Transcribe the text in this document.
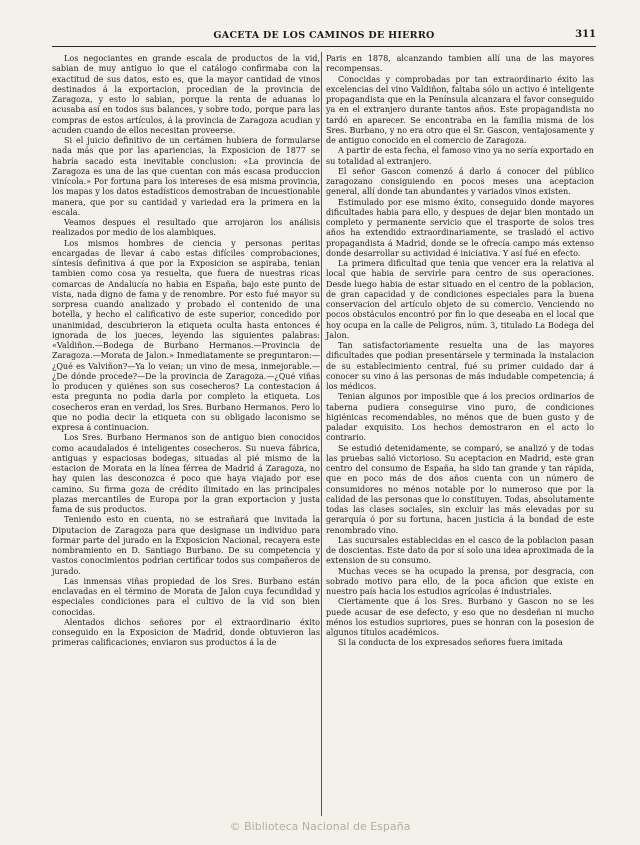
GACETA DE LOS CAMINOS DE HIERRO	311

Los negociantes en grande escala de productos de la vid, sabian de muy antiguo lo que el catálogo confirmaba con la exactitud de sus datos, esto es, que la mayor cantidad de vinos destinados á la exportacion, procedian de la provincia de Zaragoza, y esto lo sabian, porque la renta de aduanas lo acusaba así en todos sus balances, y sobre todo, porque para las compras de estos artículos, á la provincia de Zaragoza acudian y acuden cuando de ellos necesitan proveerse.

Si el juicio definitivo de un certámen hubiera de formularse nada más que por las apariencias, la Exposicion de 1877 se habría sacado esta inevitable conclusion: «La provincia de Zaragoza es una de las que cuentan con más escasa produccion vinícola.» Por fortuna para los intereses de esa misma provincia, los mapas y los datos estadísticos demostraban de incuestionable manera, que por su cantidad y variedad era la primera en la escala.

Veamos despues el resultado que arrojaron los análisis realizados por medio de los alambiques.

Los mismos hombres de ciencia y personas peritas encargadas de llevar á cabo estas difíciles comprobaciones, síntesis definitiva á que por la Exposicion se aspiraba, tenian tambien como cosa ya resuelta, que fuera de nuestras ricas comarcas de Andalucía no habia en España, bajo este punto de vista, nada digno de fama y de renombre. Por esto fué mayor su sorpresa cuando analizado y probado el contenido de una botella, y hecho el calificativo de este superior, concedido por unanimidad, descubrieron la etiqueta oculta hasta entonces é ignorada de los jueces, leyendo las siguientes palabras: «Valdiñon.—Bodega de Burbano Hermanos.—Provincia de Zaragoza.—Morata de Jalon.» Inmediatamente se preguntaron:—¿Qué es Valviñon?—Ya lo veian; un vino de mesa, inmejorable.—¿De dónde procede?—De la provincia de Zaragoza.—¿Qué viñas lo producen y quiénes son sus cosecheros? La contestacion á esta pregunta no podia darla por completo la etiqueta. Los cosecheros eran en verdad, los Sres. Burbano Hermanos. Pero lo que no podia decir la etiqueta con su obligado laconismo se expresa á continuacion.

Los Sres. Burbano Hermanos son de antiguo bien conocidos como acaudalados é inteligentes cosecheros. Su nueva fábrica, antiguas y espaciosas bodegas, situadas al pié mismo de la estacion de Morata en la línea férrea de Madrid á Zaragoza, no hay quien las desconozca é poco que haya viajado por ese camino. Su firma goza de crédito ilimitado en las principales plazas mercantiles de Europa por la gran exportacion y justa fama de sus productos.

Teniendo esto en cuenta, no se estrañará que invitada la Diputacion de Zaragoza para que designase un individuo para formar parte del jurado en la Exposicion Nacional, recayera este nombramiento en D. Santiago Burbano. De su competencia y vastos conocimientos podrian certificar todos sus compañeros de jurado.

Las inmensas viñas propiedad de los Sres. Burbano están enclavadas en el término de Morata de Jalon cuya fecundidad y especiales condiciones para el cultivo de la vid son bien conocidas.

Alentados dichos señores por el extraordinario éxito conseguido en la Exposicion de Madrid, donde obtuvieron las primeras calificaciones, enviaron sus productos á la de

Paris en 1878, alcanzando tambien allí una de las mayores recompensas.

Conocidas y comprobadas por tan extraordinario éxito las excelencias del vino Valdiñon, faltaba sólo un activo é inteligente propagandista que en la Península alcanzara el favor conseguido ya en el extranjero durante tantos años. Este propagandista no tardó en aparecer. Se encontraba en la familia misma de los Sres. Burbano, y no era otro que el Sr. Gascon, ventajosamente y de antiguo conocido en el comercio de Zaragoza.

A partir de esta fecha, el famoso vino ya no sería exportado en su totalidad al extranjero.

El señor Gascon comenzó á darlo á conocer del público zaragozano consiguiendo en pocos meses una aceptacion general, allí donde tan abundantes y variados vinos existen.

Estimulado por ese mismo éxito, conseguido donde mayores dificultades habia para ello, y despues de dejar bien montado un completo y permanente servicio que el trasporte de solos tres años ha extendido extraordinariamente, se trasladó el activo propagandista á Madrid, donde se le ofrecía campo más extenso donde desarrollar su actividad é iniciativa. Y así fué en efecto.

La primera dificultad que tenia que vencer era la relativa al local que habia de servirle para centro de sus operaciones. Desde luego habia de estar situado en el centro de la poblacion, de gran capacidad y de condiciones especiales para la buena conservacion del artículo objeto de su comercio. Venciendo no pocos obstáculos encontró por fin lo que deseaba en el local que hoy ocupa en la calle de Peligros, núm. 3, titulado La Bodega del Jalon.

Tan satisfactoriamente resuelta una de las mayores dificultades que podian presentársele y terminada la instalacion de su establecimiento central, fué su primer cuidado dar á conocer su vino á las personas de más indudable competencia; á los médicos.

Tenian algunos por imposible que á los precios ordinarios de taberna pudiera conseguirse vino puro, de condiciones higiénicas recomendables, no ménos que de buen gusto y de paladar exquisito. Los hechos demostraron en el acto lo contrario.

Se estudió detenidamente, se comparó, se analizó y de todas las pruebas salió victorioso. Su aceptacion en Madrid, este gran centro del consumo de España, ha sido tan grande y tan rápida, que en poco más de dos años cuenta con un número de consumidores no ménos notable por lo numeroso que por la calidad de las personas que lo constituyen. Todas, absolutamente todas las clases sociales, sin excluir las más elevadas por su gerarquía ó por su fortuna, hacen justicia á la bondad de este renombrado vino.

Las sucursales establecidas en el casco de la poblacion pasan de doscientas. Este dato da por sí solo una idea aproximada de la extension de su consumo.

Muchas veces se ha ocupado la prensa, por desgracia, con sobrado motivo para ello, de la poca aficion que existe en nuestro país hacia los estudios agrícolas é industriales.

Ciertamente que á los Sres. Burbano y Gascon no se les puede acusar de ese defecto, y eso que no desdeñan ni mucho ménos los estudios supriores, pues se honran con la posesion de algunos títulos académicos.

Si la conducta de los expresados señores fuera imitada

© Biblioteca Nacional de España
